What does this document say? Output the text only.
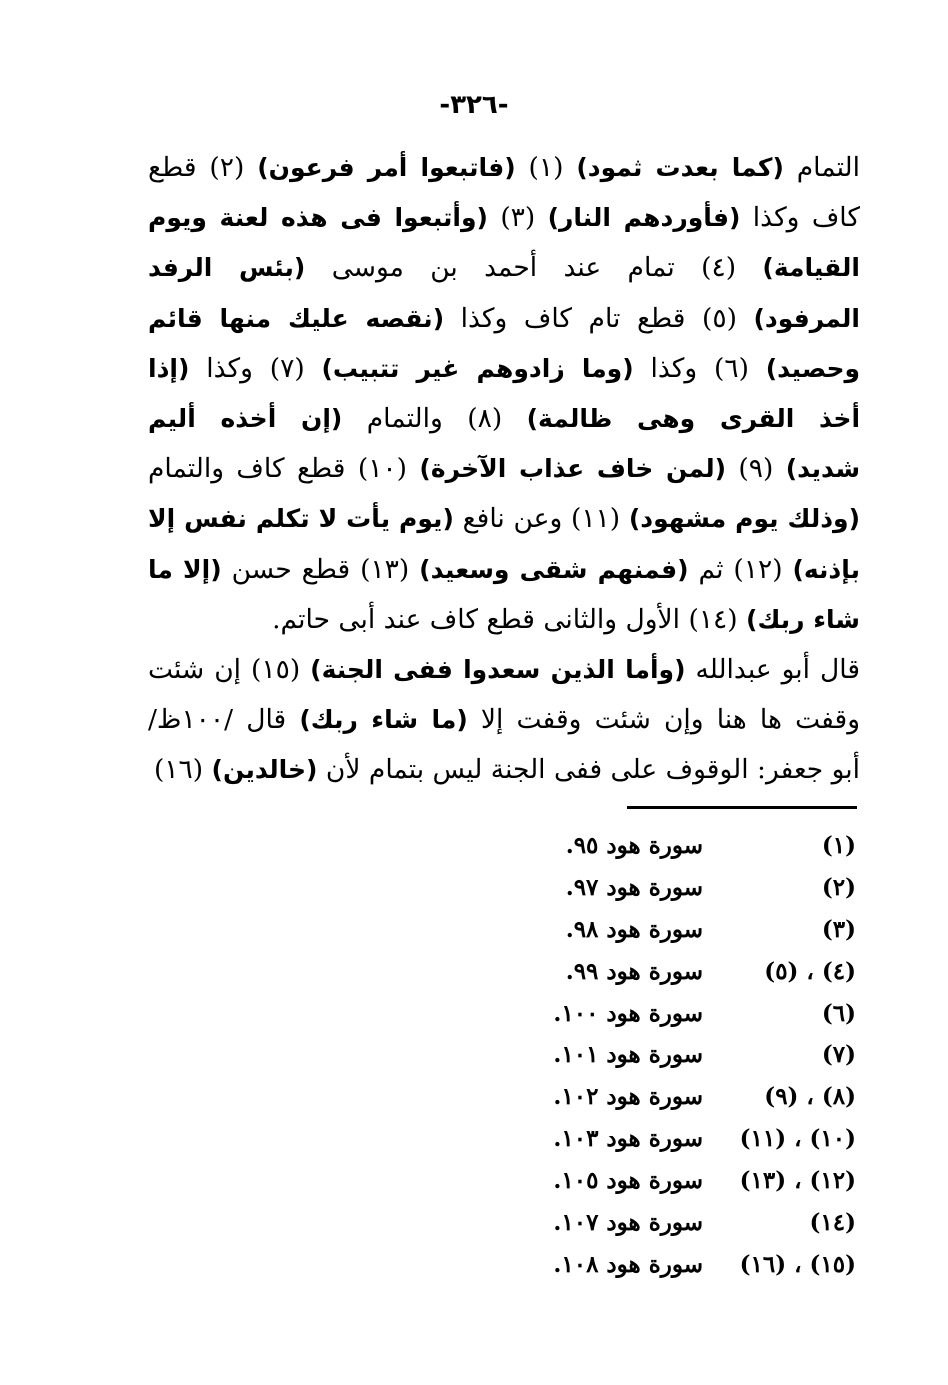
-٣٢٦-
التمام (كما بعدت ثمود) (١) (فاتبعوا أمر فرعون) (٢) قطع
كاف وكذا (فأوردهم النار) (٣) (وأتبعوا فى هذه لعنة ويوم
القيامة) (٤) تمام عند أحمد بن موسى (بئس الرفد
المرفود) (٥) قطع تام كاف وكذا (نقصه عليك منها قائم
وحصيد) (٦) وكذا (وما زادوهم غير تتبيب) (٧) وكذا (إذا
أخذ القرى وهى ظالمة) (٨) والتمام (إن أخذه أليم
شديد) (٩) (لمن خاف عذاب الآخرة) (١٠) قطع كاف والتمام
(وذلك يوم مشهود) (١١) وعن نافع (يوم يأت لا تكلم نفس إلا
بإذنه) (١٢) ثم (فمنهم شقى وسعيد) (١٣) قطع حسن (إلا ما
شاء ربك) (١٤) الأول والثانى قطع كاف عند أبى حاتم.
قال أبو عبدالله (وأما الذين سعدوا ففى الجنة) (١٥) إن شئت
وقفت ها هنا وإن شئت وقفت إلا (ما شاء ربك) قال /١٠٠ظ/
أبو جعفر: الوقوف على ففى الجنة ليس بتمام لأن (خالدين) (١٦)
(١)
سورة هود ٩٥.
(٢)
سورة هود ٩٧.
(٣)
سورة هود ٩٨.
(٤) ، (٥)
سورة هود ٩٩.
(٦)
سورة هود ١٠٠.
(٧)
سورة هود ١٠١.
(٨) ، (٩)
سورة هود ١٠٢.
(١٠) ، (١١)
سورة هود ١٠٣.
(١٢) ، (١٣)
سورة هود ١٠٥.
(١٤)
سورة هود ١٠٧.
(١٥) ، (١٦)
سورة هود ١٠٨.
